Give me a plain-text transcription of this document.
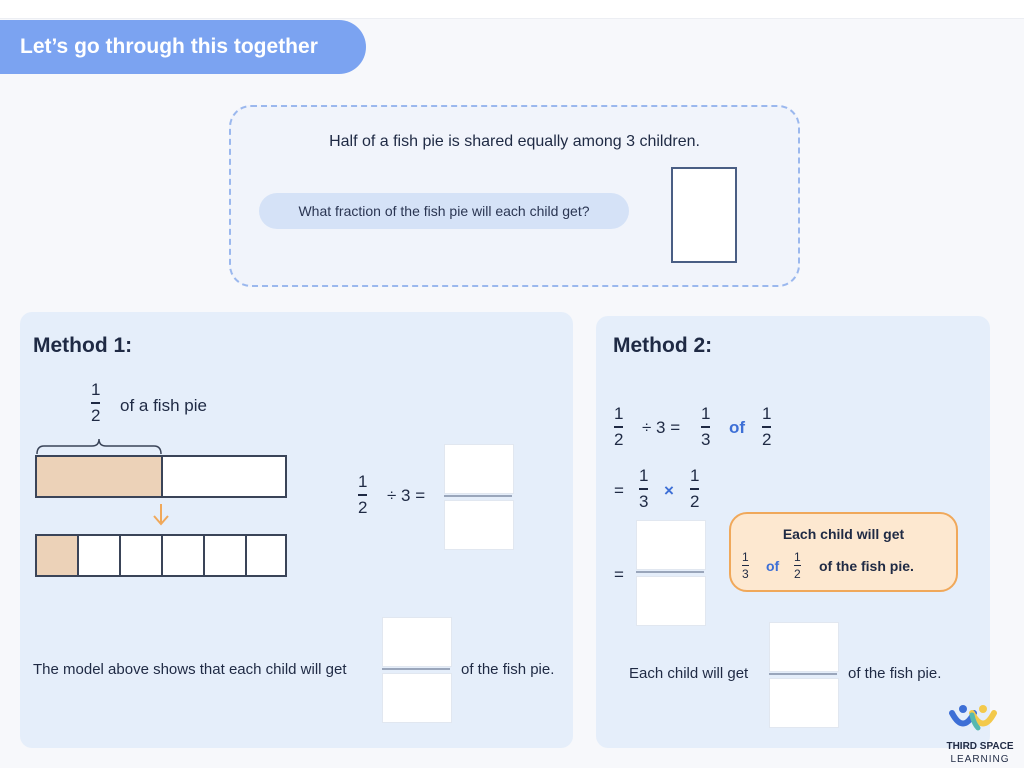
Let’s go through this together
Half of a fish pie is shared equally among 3 children.
What fraction of the fish pie will each child get?
Method 1:
1
2
of a fish pie
1
2
÷ 3 =
The model above shows that each child will get	of the fish pie.
Method 2:
1
2
÷ 3 =
1
3
of
1
2
=
1
3
×
1
2
=
Each child will get
1
3 of
1
2 of the fish pie.
Each child will get	of the fish pie.
THIRD SPACE
LEARNING
